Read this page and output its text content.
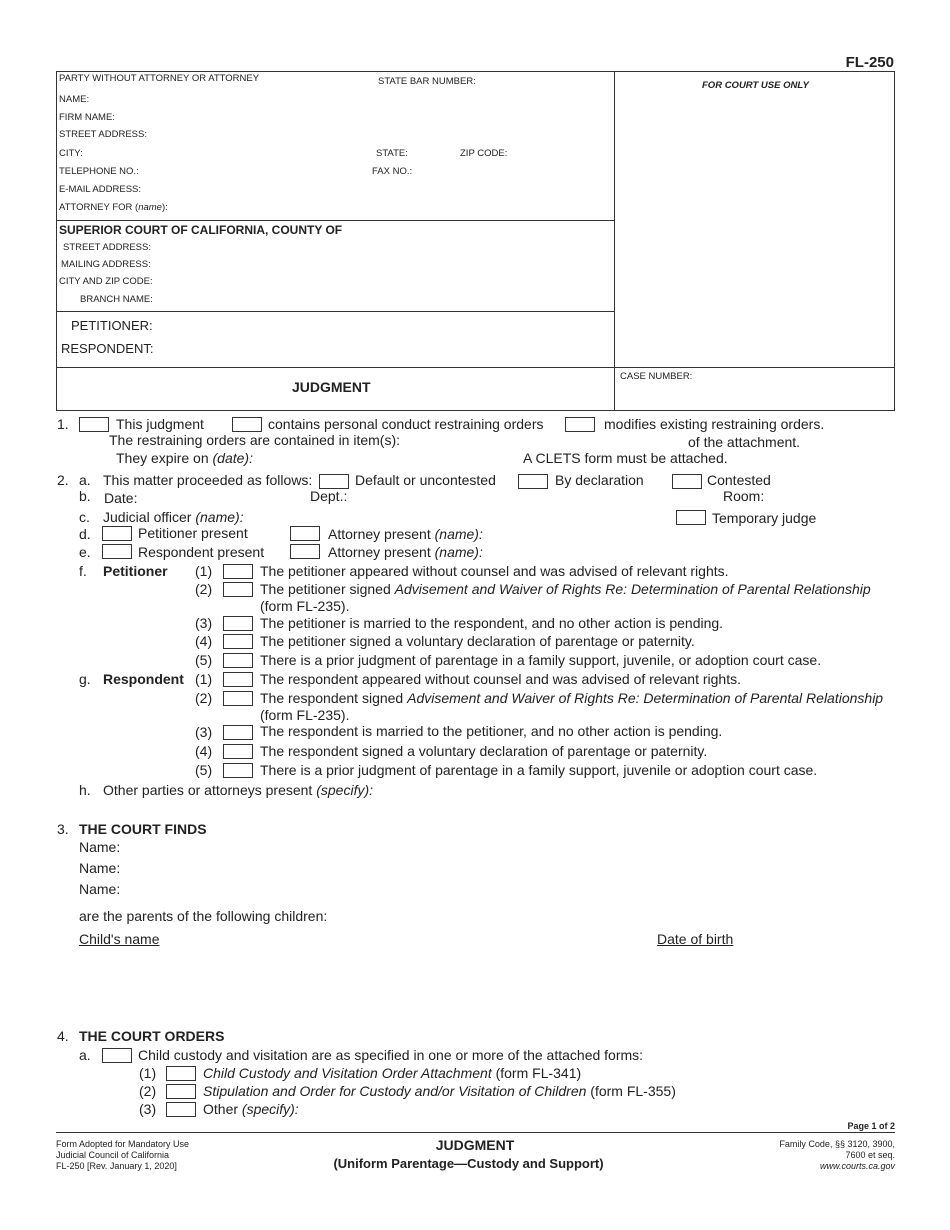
FL-250
PARTY WITHOUT ATTORNEY OR ATTORNEY	STATE BAR NUMBER:	FOR COURT USE ONLY
NAME:
FIRM NAME:
STREET ADDRESS:
CITY:	STATE:	ZIP CODE:
TELEPHONE NO.:	FAX NO.:
E-MAIL ADDRESS:
ATTORNEY FOR (name):
SUPERIOR COURT OF CALIFORNIA, COUNTY OF
STREET ADDRESS:
MAILING ADDRESS:
CITY AND ZIP CODE:
BRANCH NAME:
PETITIONER:
RESPONDENT:
JUDGMENT
CASE NUMBER:
1.	This judgment	contains personal conduct restraining orders	modifies existing restraining orders.
The restraining orders are contained in item(s):	of the attachment.
They expire on (date):	A CLETS form must be attached.
2. a. This matter proceeded as follows:	Default or uncontested	By declaration	Contested
b. Date:	Dept.:	Room:
c. Judicial officer (name):	Temporary judge
d.	Petitioner present	Attorney present (name):
e.	Respondent present	Attorney present (name):
f. Petitioner (1)	The petitioner appeared without counsel and was advised of relevant rights.
(2)	The petitioner signed Advisement and Waiver of Rights Re: Determination of Parental Relationship
(form FL-235).
(3)	The petitioner is married to the respondent, and no other action is pending.
(4)	The petitioner signed a voluntary declaration of parentage or paternity.
(5)	There is a prior judgment of parentage in a family support, juvenile, or adoption court case.
g. Respondent (1)	The respondent appeared without counsel and was advised of relevant rights.
(2)	The respondent signed Advisement and Waiver of Rights Re: Determination of Parental Relationship
(form FL-235).
(3)	The respondent is married to the petitioner, and no other action is pending.
(4)	The respondent signed a voluntary declaration of parentage or paternity.
(5)	There is a prior judgment of parentage in a family support, juvenile or adoption court case.
h. Other parties or attorneys present (specify):
3. THE COURT FINDS
Name:
Name:
Name:
are the parents of the following children:
Child's name	Date of birth
4. THE COURT ORDERS
a.	Child custody and visitation are as specified in one or more of the attached forms:
(1)	Child Custody and Visitation Order Attachment (form FL-341)
(2)	Stipulation and Order for Custody and/or Visitation of Children (form FL-355)
(3)	Other (specify):
Page 1 of 2
Form Adopted for Mandatory Use
Judicial Council of California
FL-250 [Rev. January 1, 2020]
JUDGMENT
(Uniform Parentage—Custody and Support)
Family Code, §§ 3120, 3900,
7600 et seq.
www.courts.ca.gov
